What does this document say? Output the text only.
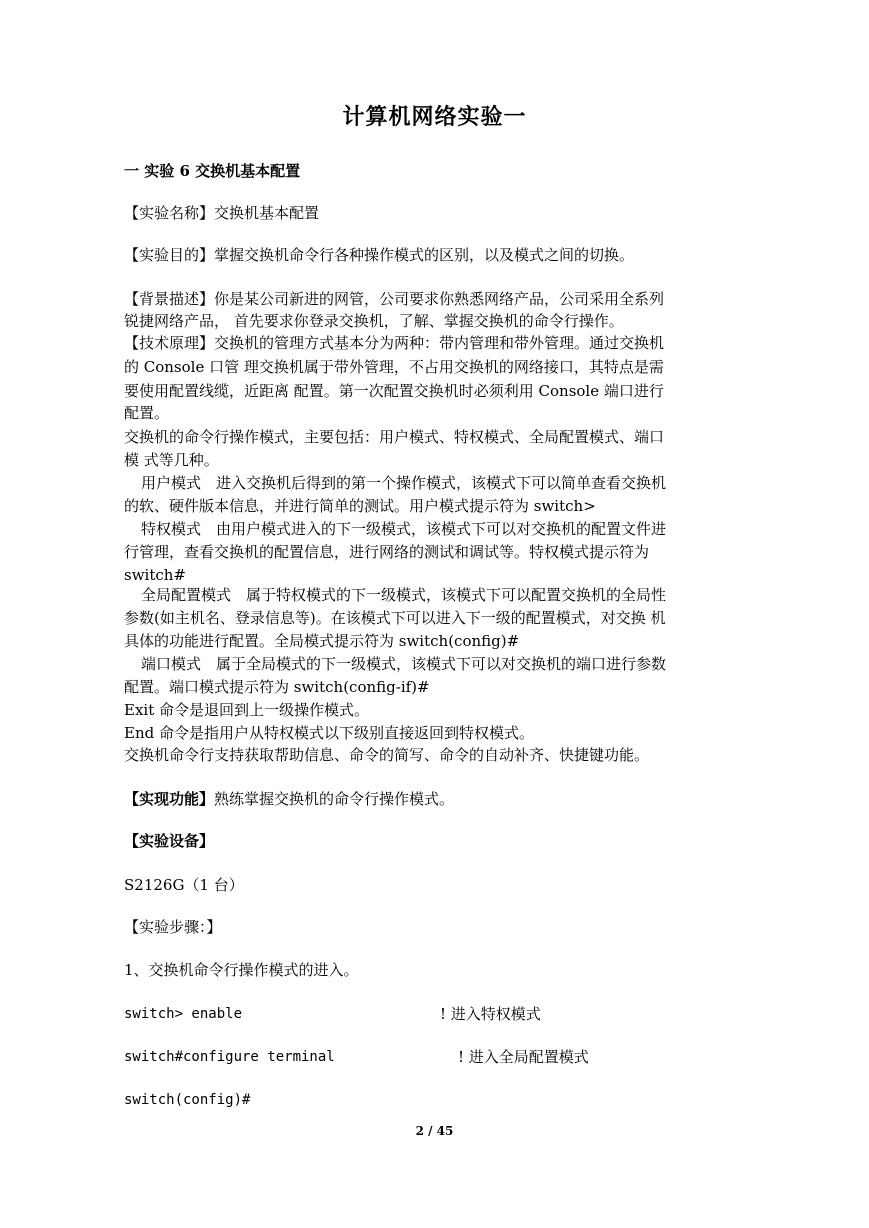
计算机网络实验一
一 实验 6 交换机基本配置
【实验名称】交换机基本配置
【实验目的】掌握交换机命令行各种操作模式的区别，以及模式之间的切换。
【背景描述】你是某公司新进的网管，公司要求你熟悉网络产品，公司采用全系列
锐捷网络产品， 首先要求你登录交换机，了解、掌握交换机的命令行操作。
【技术原理】交换机的管理方式基本分为两种：带内管理和带外管理。通过交换机
的 Console 口管 理交换机属于带外管理，不占用交换机的网络接口，其特点是需
要使用配置线缆，近距离 配置。第一次配置交换机时必须利用 Console 端口进行
配置。
交换机的命令行操作模式，主要包括：用户模式、特权模式、全局配置模式、端口
模 式等几种。
用户模式　进入交换机后得到的第一个操作模式，该模式下可以简单查看交换机
的软、硬件版本信息，并进行简单的测试。用户模式提示符为 switch>
特权模式　由用户模式进入的下一级模式，该模式下可以对交换机的配置文件进
行管理，查看交换机的配置信息，进行网络的测试和调试等。特权模式提示符为
switch#
全局配置模式　属于特权模式的下一级模式，该模式下可以配置交换机的全局性
参数(如主机名、登录信息等)。在该模式下可以进入下一级的配置模式，对交换 机
具体的功能进行配置。全局模式提示符为 switch(config)#
端口模式　属于全局模式的下一级模式，该模式下可以对交换机的端口进行参数
配置。端口模式提示符为 switch(config-if)#
Exit 命令是退回到上一级操作模式。
End 命令是指用户从特权模式以下级别直接返回到特权模式。
交换机命令行支持获取帮助信息、命令的简写、命令的自动补齐、快捷键功能。
【实现功能】熟练掌握交换机的命令行操作模式。
【实验设备】
S2126G（1 台）
【实验步骤：】
1、交换机命令行操作模式的进入。
switch> enable	! 进入特权模式
switch#configure terminal	! 进入全局配置模式
switch(config)#
2 / 45
